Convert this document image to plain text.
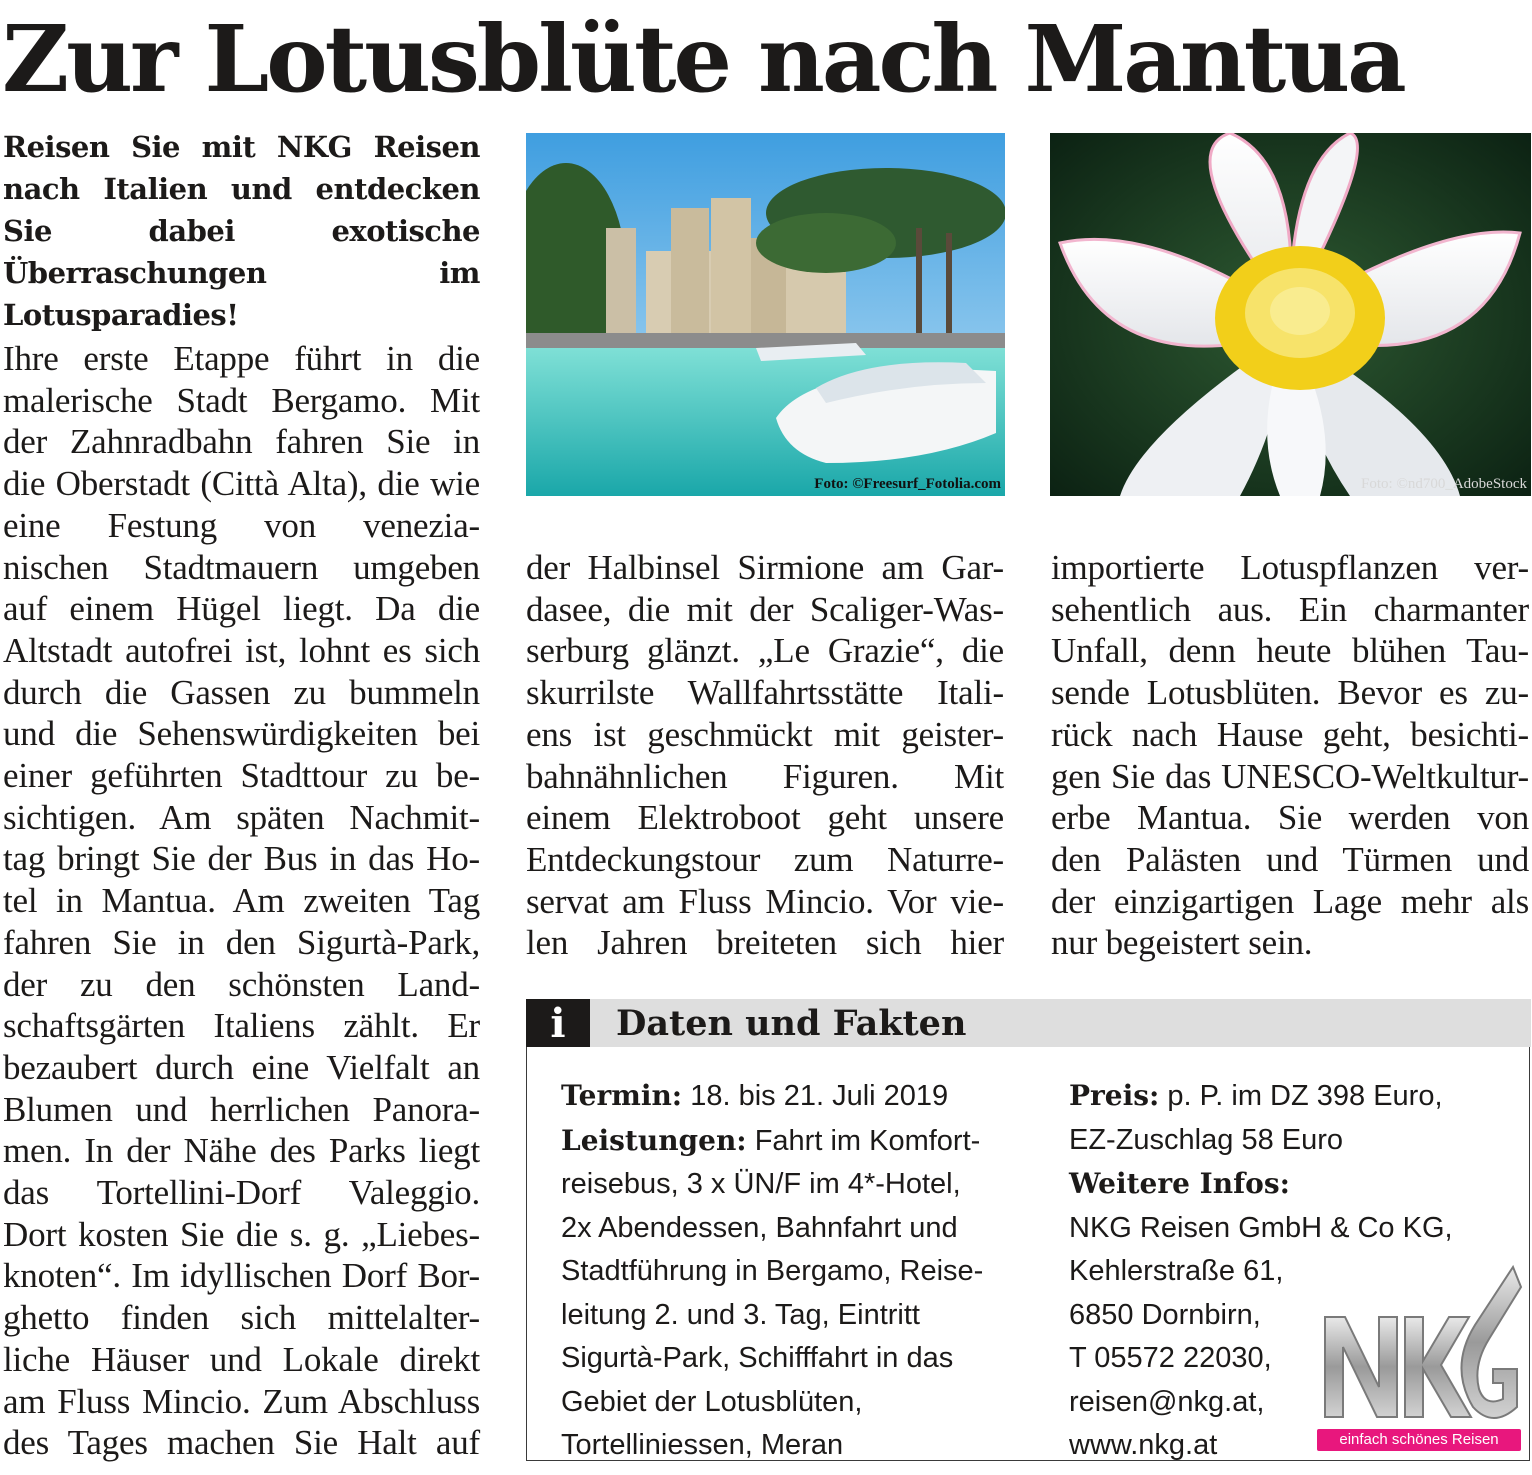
Zur Lotusblüte nach Mantua

Reisen Sie mit NKG Reisen nach Italien und entdecken Sie dabei exotische Überraschungen im Lotusparadies!

Ihre erste Etappe führt in die
malerische Stadt Bergamo. Mit
der Zahnradbahn fahren Sie in
die Oberstadt (Città Alta), die wie
eine Festung von venezia-
nischen Stadtmauern umgeben
auf einem Hügel liegt. Da die
Altstadt autofrei ist, lohnt es sich
durch die Gassen zu bummeln
und die Sehenswürdigkeiten bei
einer geführten Stadttour zu be-
sichtigen. Am späten Nachmit-
tag bringt Sie der Bus in das Ho-
tel in Mantua. Am zweiten Tag
fahren Sie in den Sigurtà-Park,
der zu den schönsten Land-
schaftsgärten Italiens zählt. Er
bezaubert durch eine Vielfalt an
Blumen und herrlichen Panora-
men. In der Nähe des Parks liegt
das Tortellini-Dorf Valeggio.
Dort kosten Sie die s. g. „Liebes-
knoten“. Im idyllischen Dorf Bor-
ghetto finden sich mittelalter-
liche Häuser und Lokale direkt
am Fluss Mincio. Zum Abschluss
des Tages machen Sie Halt auf
Foto: ©Freesurf_Fotolia.com	Foto: ©nd700_AdobeStock
der Halbinsel Sirmione am Gar-
dasee, die mit der Scaliger-Was-
serburg glänzt. „Le Grazie“, die
skurrilste Wallfahrtsstätte Itali-
ens ist geschmückt mit geister-
bahnähnlichen Figuren. Mit
einem Elektroboot geht unsere
Entdeckungstour zum Naturre-
servat am Fluss Mincio. Vor vie-
len Jahren breiteten sich hier
importierte Lotuspflanzen ver-
sehentlich aus. Ein charmanter
Unfall, denn heute blühen Tau-
sende Lotusblüten. Bevor es zu-
rück nach Hause geht, besichti-
gen Sie das UNESCO-Weltkultur-
erbe Mantua. Sie werden von
den Palästen und Türmen und
der einzigartigen Lage mehr als
nur begeistert sein.
i	Daten und Fakten
Termin: 18. bis 21. Juli 2019
Leistungen: Fahrt im Komfort-
reisebus, 3 x ÜN/F im 4*-Hotel,
2x Abendessen, Bahnfahrt und
Stadtführung in Bergamo, Reise-
leitung 2. und 3. Tag, Eintritt
Sigurtà-Park, Schifffahrt in das
Gebiet der Lotusblüten,
Tortelliniessen, Meran
Preis: p. P. im DZ 398 Euro,
EZ-Zuschlag 58 Euro
Weitere Infos:
NKG Reisen GmbH & Co KG,
Kehlerstraße 61,
6850 Dornbirn,
T 05572 22030,
reisen@nkg.at,
www.nkg.at	einfach schönes Reisen
